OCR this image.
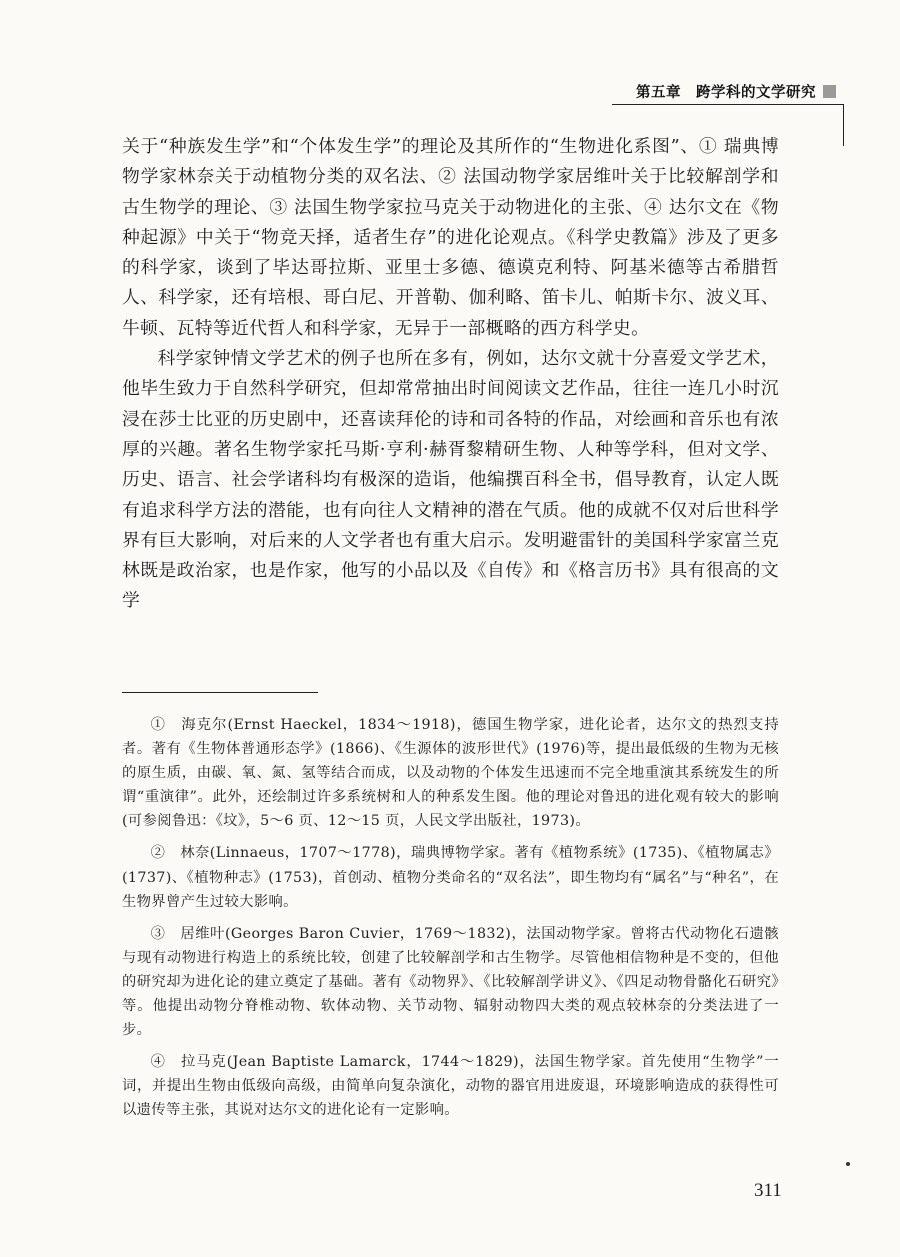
第五章　跨学科的文学研究

关于“种族发生学”和“个体发生学”的理论及其所作的“生物进化系图”、① 瑞典博物学家林奈关于动植物分类的双名法、② 法国动物学家居维叶关于比较解剖学和古生物学的理论、③ 法国生物学家拉马克关于动物进化的主张、④ 达尔文在《物种起源》中关于“物竞天择，适者生存”的进化论观点。《科学史教篇》涉及了更多的科学家，谈到了毕达哥拉斯、亚里士多德、德谟克利特、阿基米德等古希腊哲人、科学家，还有培根、哥白尼、开普勒、伽利略、笛卡儿、帕斯卡尔、波义耳、牛顿、瓦特等近代哲人和科学家，无异于一部概略的西方科学史。

科学家钟情文学艺术的例子也所在多有，例如，达尔文就十分喜爱文学艺术，他毕生致力于自然科学研究，但却常常抽出时间阅读文艺作品，往往一连几小时沉浸在莎士比亚的历史剧中，还喜读拜伦的诗和司各特的作品，对绘画和音乐也有浓厚的兴趣。著名生物学家托马斯·亨利·赫胥黎精研生物、人种等学科，但对文学、历史、语言、社会学诸科均有极深的造诣，他编撰百科全书，倡导教育，认定人既有追求科学方法的潜能，也有向往人文精神的潜在气质。他的成就不仅对后世科学界有巨大影响，对后来的人文学者也有重大启示。发明避雷针的美国科学家富兰克林既是政治家，也是作家，他写的小品以及《自传》和《格言历书》具有很高的文学

①　海克尔(Ernst Haeckel，1834～1918)，德国生物学家，进化论者，达尔文的热烈支持者。著有《生物体普通形态学》(1866)、《生源体的波形世代》(1976)等，提出最低级的生物为无核的原生质，由碳、氧、氮、氢等结合而成，以及动物的个体发生迅速而不完全地重演其系统发生的所谓“重演律”。此外，还绘制过许多系统树和人的种系发生图。他的理论对鲁迅的进化观有较大的影响(可参阅鲁迅：《坟》，5～6 页、12～15 页，人民文学出版社，1973)。

②　林奈(Linnaeus，1707～1778)，瑞典博物学家。著有《植物系统》(1735)、《植物属志》(1737)、《植物种志》(1753)，首创动、植物分类命名的“双名法”，即生物均有“属名”与“种名”，在生物界曾产生过较大影响。

③　居维叶(Georges Baron Cuvier，1769～1832)，法国动物学家。曾将古代动物化石遗骸与现有动物进行构造上的系统比较，创建了比较解剖学和古生物学。尽管他相信物种是不变的，但他的研究却为进化论的建立奠定了基础。著有《动物界》、《比较解剖学讲义》、《四足动物骨骼化石研究》等。他提出动物分脊椎动物、软体动物、关节动物、辐射动物四大类的观点较林奈的分类法进了一步。

④　拉马克(Jean Baptiste Lamarck，1744～1829)，法国生物学家。首先使用“生物学”一词，并提出生物由低级向高级，由简单向复杂演化，动物的器官用进废退，环境影响造成的获得性可以遗传等主张，其说对达尔文的进化论有一定影响。

311
